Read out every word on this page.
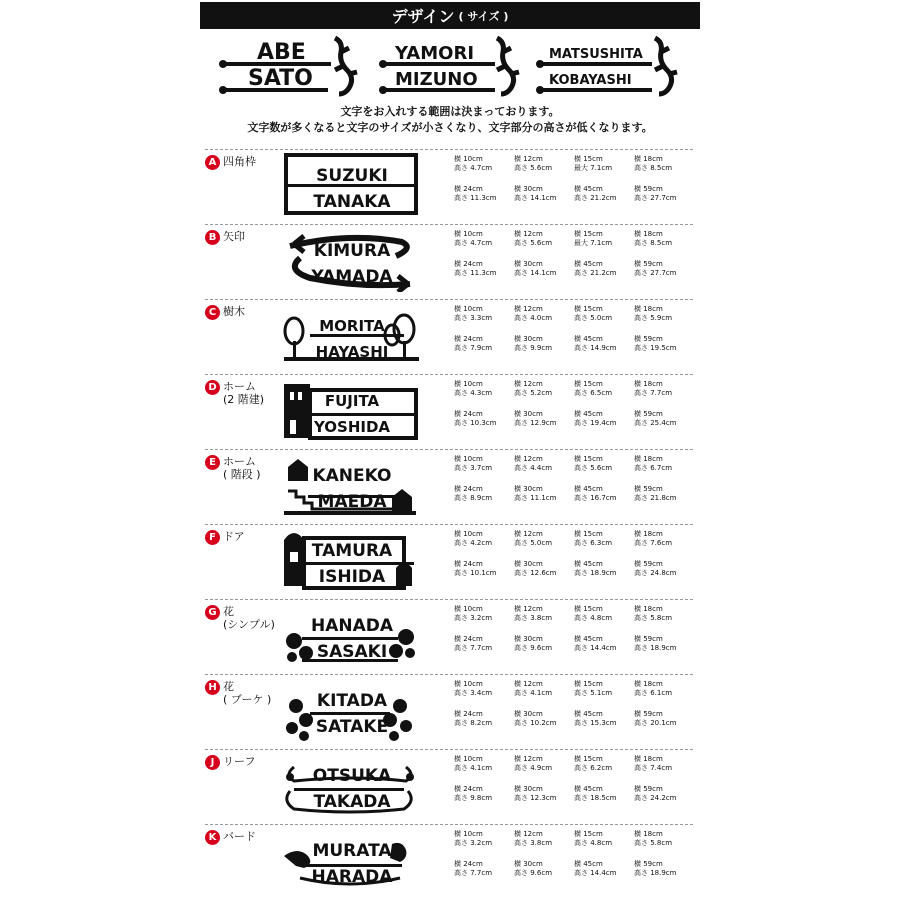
デザイン ( サイズ )
ABE
SATO
YAMORI
MIZUNO
MATSUSHITA
KOBAYASHI
文字をお入れする範囲は決まっております。
文字数が多くなると文字のサイズが小さくなり、文字部分の高さが低くなります。
A 四角枠
SUZUKI
TANAKA
横 10cm
高さ 4.7cm
横 12cm
高さ 5.6cm
横 15cm
最大 7.1cm
横 18cm
高さ 8.5cm
横 24cm
高さ 11.3cm
横 30cm
高さ 14.1cm
横 45cm
高さ 21.2cm
横 59cm
高さ 27.7cm
B 矢印
KIMURA
YAMADA
横 10cm
高さ 4.7cm
横 12cm
高さ 5.6cm
横 15cm
最大 7.1cm
横 18cm
高さ 8.5cm
横 24cm
高さ 11.3cm
横 30cm
高さ 14.1cm
横 45cm
高さ 21.2cm
横 59cm
高さ 27.7cm
C 樹木
MORITA
HAYASHI
横 10cm
高さ 3.3cm
横 12cm
高さ 4.0cm
横 15cm
高さ 5.0cm
横 18cm
高さ 5.9cm
横 24cm
高さ 7.9cm
横 30cm
高さ 9.9cm
横 45cm
高さ 14.9cm
横 59cm
高さ 19.5cm
D ホーム
(2 階建)	FUJITA
YOSHIDA
横 10cm
高さ 4.3cm
横 12cm
高さ 5.2cm
横 15cm
高さ 6.5cm
横 18cm
高さ 7.7cm
横 24cm
高さ 10.3cm
横 30cm
高さ 12.9cm
横 45cm
高さ 19.4cm
横 59cm
高さ 25.4cm
E ホーム
( 階段 )	KANEKO
MAEDA
横 10cm
高さ 3.7cm
横 12cm
高さ 4.4cm
横 15cm
高さ 5.6cm
横 18cm
高さ 6.7cm
横 24cm
高さ 8.9cm
横 30cm
高さ 11.1cm
横 45cm
高さ 16.7cm
横 59cm
高さ 21.8cm
F ドア
TAMURA
ISHIDA
横 10cm
高さ 4.2cm
横 12cm
高さ 5.0cm
横 15cm
高さ 6.3cm
横 18cm
高さ 7.6cm
横 24cm
高さ 10.1cm
横 30cm
高さ 12.6cm
横 45cm
高さ 18.9cm
横 59cm
高さ 24.8cm
G 花
(シンプル) HANADA
SASAKI
横 10cm
高さ 3.2cm
横 12cm
高さ 3.8cm
横 15cm
高さ 4.8cm
横 18cm
高さ 5.8cm
横 24cm
高さ 7.7cm
横 30cm
高さ 9.6cm
横 45cm
高さ 14.4cm
横 59cm
高さ 18.9cm
H 花
( ブーケ )	KITADA
SATAKE
横 10cm
高さ 3.4cm
横 12cm
高さ 4.1cm
横 15cm
高さ 5.1cm
横 18cm
高さ 6.1cm
横 24cm
高さ 8.2cm
横 30cm
高さ 10.2cm
横 45cm
高さ 15.3cm
横 59cm
高さ 20.1cm
J リーフ
OTSUKA
TAKADA
横 10cm
高さ 4.1cm
横 12cm
高さ 4.9cm
横 15cm
高さ 6.2cm
横 18cm
高さ 7.4cm
横 24cm
高さ 9.8cm
横 30cm
高さ 12.3cm
横 45cm
高さ 18.5cm
横 59cm
高さ 24.2cm
K バード
MURATA
HARADA
横 10cm
高さ 3.2cm
横 12cm
高さ 3.8cm
横 15cm
高さ 4.8cm
横 18cm
高さ 5.8cm
横 24cm
高さ 7.7cm
横 30cm
高さ 9.6cm
横 45cm
高さ 14.4cm
横 59cm
高さ 18.9cm
